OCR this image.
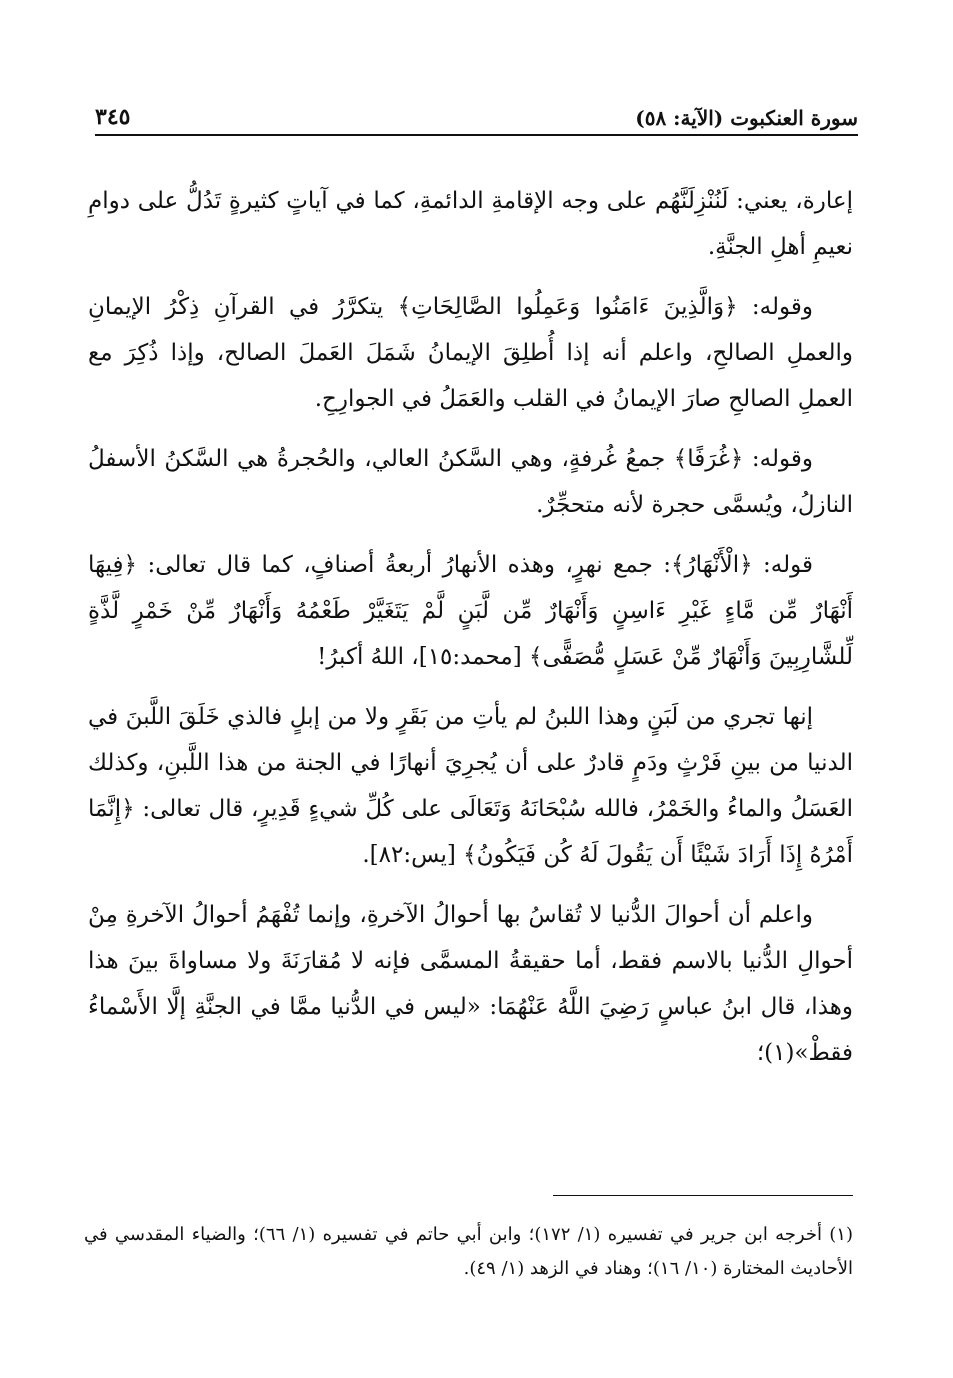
سورة العنكبوت (الآية: ٥٨)
٣٤٥

إعارة، يعني: لَنُنْزِلَنَّهُم على وجه الإقامةِ الدائمةِ، كما في آياتٍ كثيرةٍ تَدُلُّ على دوامِ نعيمِ أهلِ الجنَّةِ.

وقوله: ﴿وَالَّذِينَ ءَامَنُوا وَعَمِلُوا الصَّالِحَاتِ﴾ يتكرَّرُ في القرآنِ ذِكْرُ الإيمانِ والعملِ الصالحِ، واعلم أنه إذا أُطلِقَ الإيمانُ شَمَلَ العَملَ الصالح، وإذا ذُكِرَ مع العملِ الصالحِ صارَ الإيمانُ في القلب والعَمَلُ في الجوارِحِ.

وقوله: ﴿غُرَفًا﴾ جمعُ غُرفةٍ، وهي السَّكنُ العالي، والحُجرةُ هي السَّكنُ الأسفلُ النازلُ، ويُسمَّى حجرة لأنه متحجِّرٌ.

قوله: ﴿الْأَنْهَارُ﴾: جمع نهرٍ، وهذه الأنهارُ أربعةُ أصنافٍ، كما قال تعالى: ﴿فِيهَا أَنْهَارٌ مِّن مَّاءٍ غَيْرِ ءَاسِنٍ وَأَنْهَارٌ مِّن لَّبَنٍ لَّمْ يَتَغَيَّرْ طَعْمُهُ وَأَنْهَارٌ مِّنْ خَمْرٍ لَّذَّةٍ لِّلشَّارِبِينَ وَأَنْهَارٌ مِّنْ عَسَلٍ مُّصَفًّى﴾ [محمد:١٥]، اللهُ أكبرُ!

إنها تجري من لَبَنٍ وهذا اللبنُ لم يأتِ من بَقَرٍ ولا من إبلٍ فالذي خَلَقَ اللَّبنَ في الدنيا من بينِ فَرْثٍ ودَمٍ قادرٌ على أن يُجرِيَ أنهارًا في الجنة من هذا اللَّبنِ، وكذلك العَسَلُ والماءُ والخَمْرُ، فالله سُبْحَانَهُ وَتَعَالَى على كُلِّ شيءٍ قَدِيرٍ، قال تعالى: ﴿إِنَّمَا أَمْرُهُ إِذَا أَرَادَ شَيْئًا أَن يَقُولَ لَهُ كُن فَيَكُونُ﴾ [يس:٨٢].

واعلم أن أحوالَ الدُّنيا لا تُقاسُ بها أحوالُ الآخرةِ، وإنما تُفْهَمُ أحوالُ الآخرةِ مِنْ أحوالِ الدُّنيا بالاسم فقط، أما حقيقةُ المسمَّى فإنه لا مُقارَنَةَ ولا مساواةَ بينَ هذا وهذا، قال ابنُ عباسٍ رَضِيَ اللَّهُ عَنْهُمَا: «ليس في الدُّنيا ممَّا في الجنَّةِ إلَّا الأَسْماءُ فقطْ»(١)؛

(١) أخرجه ابن جرير في تفسيره (١/ ١٧٢)؛ وابن أبي حاتم في تفسيره (١/ ٦٦)؛ والضياء المقدسي في الأحاديث المختارة (١٠/ ١٦)؛ وهناد في الزهد (١/ ٤٩).
